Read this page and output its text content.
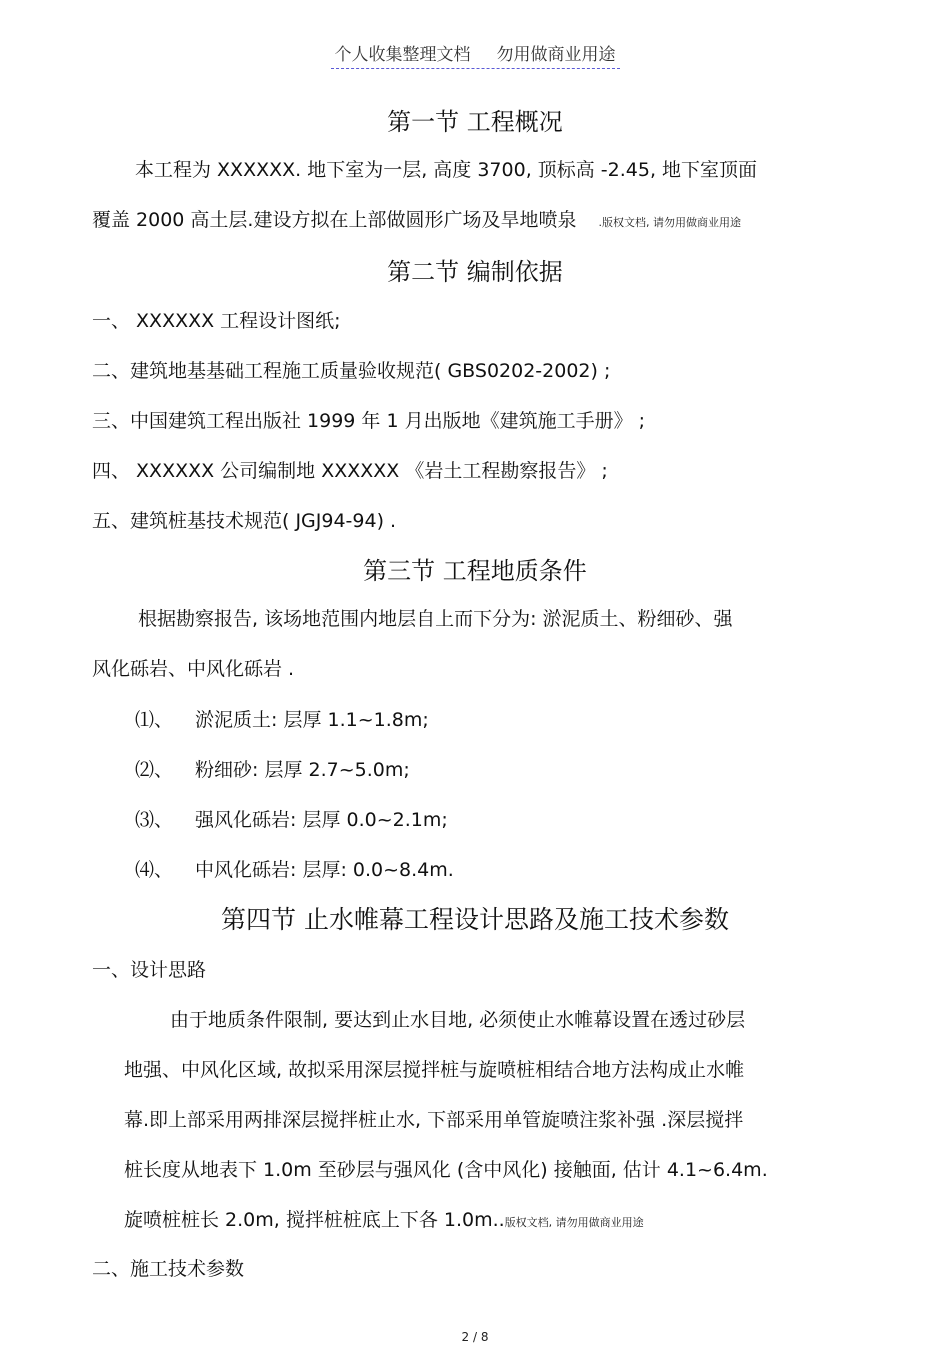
个人收集整理文档 勿用做商业用途
第一节 工程概况
本工程为 XXXXXX. 地下室为一层, 高度 3700, 顶标高 -2.45, 地下室顶面
覆盖 2000 高土层.建设方拟在上部做圆形广场及旱地喷泉 .版权文档, 请勿用做商业用途
第二节 编制依据
一、 XXXXXX 工程设计图纸;
二、建筑地基基础工程施工质量验收规范( GBS0202-2002) ;
三、中国建筑工程出版社 1999 年 1 月出版地《建筑施工手册》 ;
四、 XXXXXX 公司编制地 XXXXXX 《岩土工程勘察报告》 ;
五、建筑桩基技术规范( JGJ94-94) .
第三节 工程地质条件
根据勘察报告, 该场地范围内地层自上而下分为: 淤泥质土、粉细砂、强
风化砾岩、中风化砾岩 .
⑴、 淤泥质土: 层厚 1.1~1.8m;
⑵、 粉细砂: 层厚 2.7~5.0m;
⑶、 强风化砾岩: 层厚 0.0~2.1m;
⑷、 中风化砾岩: 层厚: 0.0~8.4m.
第四节 止水帷幕工程设计思路及施工技术参数
一、设计思路
由于地质条件限制, 要达到止水目地, 必须使止水帷幕设置在透过砂层
地强、中风化区域, 故拟采用深层搅拌桩与旋喷桩相结合地方法构成止水帷
幕.即上部采用两排深层搅拌桩止水, 下部采用单管旋喷注浆补强 .深层搅拌
桩长度从地表下 1.0m 至砂层与强风化 (含中风化) 接触面, 估计 4.1~6.4m.
旋喷桩桩长 2.0m, 搅拌桩桩底上下各 1.0m..版权文档, 请勿用做商业用途
二、施工技术参数
2 / 8
